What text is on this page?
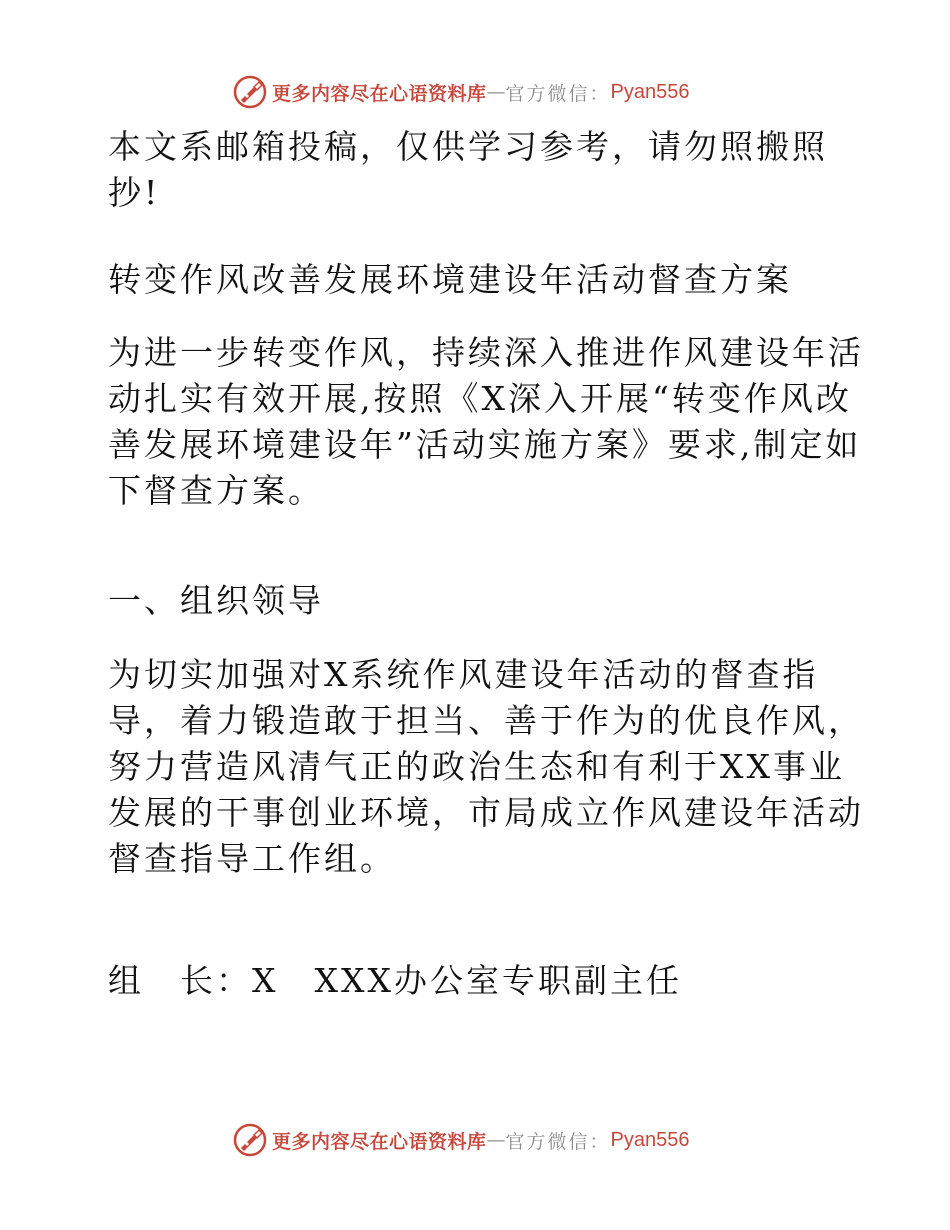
更多内容尽在心语资料库 — 官方微信： Pyan556

本文系邮箱投稿，仅供学习参考，请勿照搬照抄!

转变作风改善发展环境建设年活动督查方案

为进一步转变作风，持续深入推进作风建设年活动扎实有效开展,按照《X深入开展“转变作风改善发展环境建设年”活动实施方案》要求,制定如下督查方案。

一、组织领导

为切实加强对X系统作风建设年活动的督查指导，着力锻造敢于担当、善于作为的优良作风，努力营造风清气正的政治生态和有利于XX事业发展的干事创业环境，市局成立作风建设年活动督查指导工作组。

组　长：X　XXX办公室专职副主任

更多内容尽在心语资料库 — 官方微信： Pyan556
